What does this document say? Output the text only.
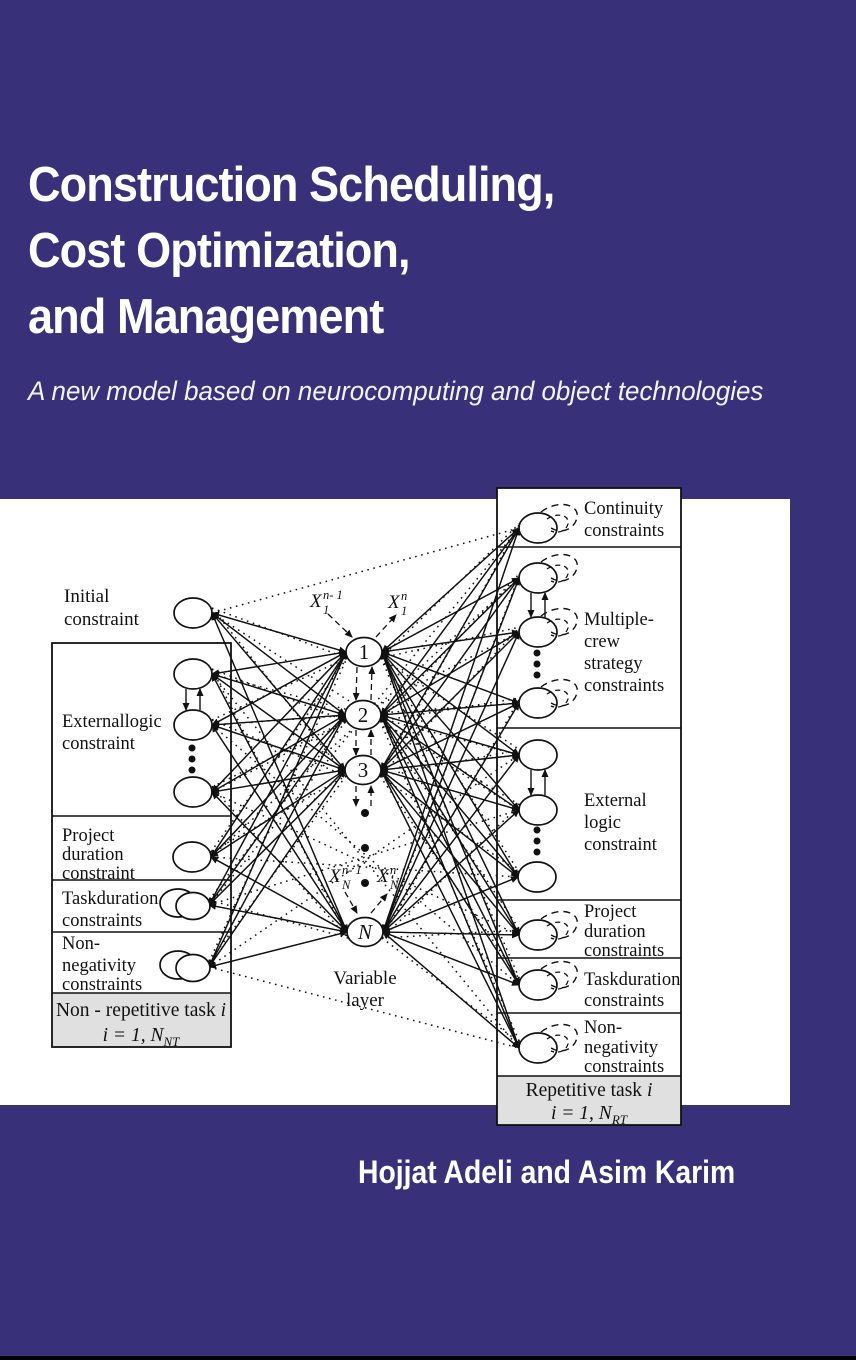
Construction Scheduling,
Cost Optimization,
and Management
A new model based on neurocomputing and object technologies
1
2
3
N
Initial
constraint
Externallogic
constraint
Project
duration
constraint
Taskduration
constraints
Non-
negativity
constraints
Continuity
constraints
Multiple-
crew
strategy
constraints
External
logic
constraint
Project
duration
constraints
Taskduration
constraints
Non-
negativity
constraints
Variable
layer
X n- 1
1	X n
1
X n- 1
N X n
N
Non - repetitive task i
i = 1, $N_{NT}$
Repetitive task i
i = 1, $N_{RT}$
Hojjat Adeli and Asim Karim
